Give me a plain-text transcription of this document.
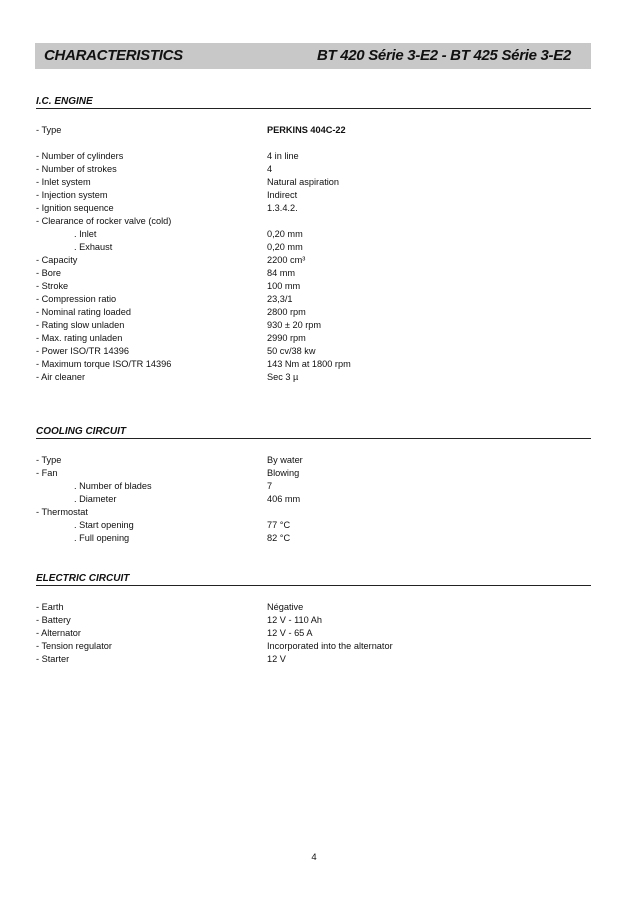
CHARACTERISTICS	BT 420 Série 3-E2 - BT 425 Série 3-E2
I.C. ENGINE
- Type	PERKINS 404C-22
- Number of cylinders	4 in line
- Number of strokes	4
- Inlet system	Natural aspiration
- Injection system	Indirect
- Ignition sequence	1.3.4.2.
- Clearance of rocker valve (cold)
. Inlet	0,20 mm
. Exhaust	0,20 mm
- Capacity	2200 cm³
- Bore	84 mm
- Stroke	100 mm
- Compression ratio	23,3/1
- Nominal rating loaded	2800 rpm
- Rating slow unladen	930 ± 20 rpm
- Max. rating unladen	2990 rpm
- Power ISO/TR 14396	50 cv/38 kw
- Maximum torque ISO/TR 14396	143 Nm at 1800 rpm
- Air cleaner	Sec 3 µ
COOLING CIRCUIT
- Type	By water
- Fan	Blowing
. Number of blades	7
. Diameter	406 mm
- Thermostat
. Start opening	77 °C
. Full opening	82 °C
ELECTRIC CIRCUIT
- Earth	Négative
- Battery	12 V - 110 Ah
- Alternator	12 V - 65 A
- Tension regulator	Incorporated into the alternator
- Starter	12 V
4
